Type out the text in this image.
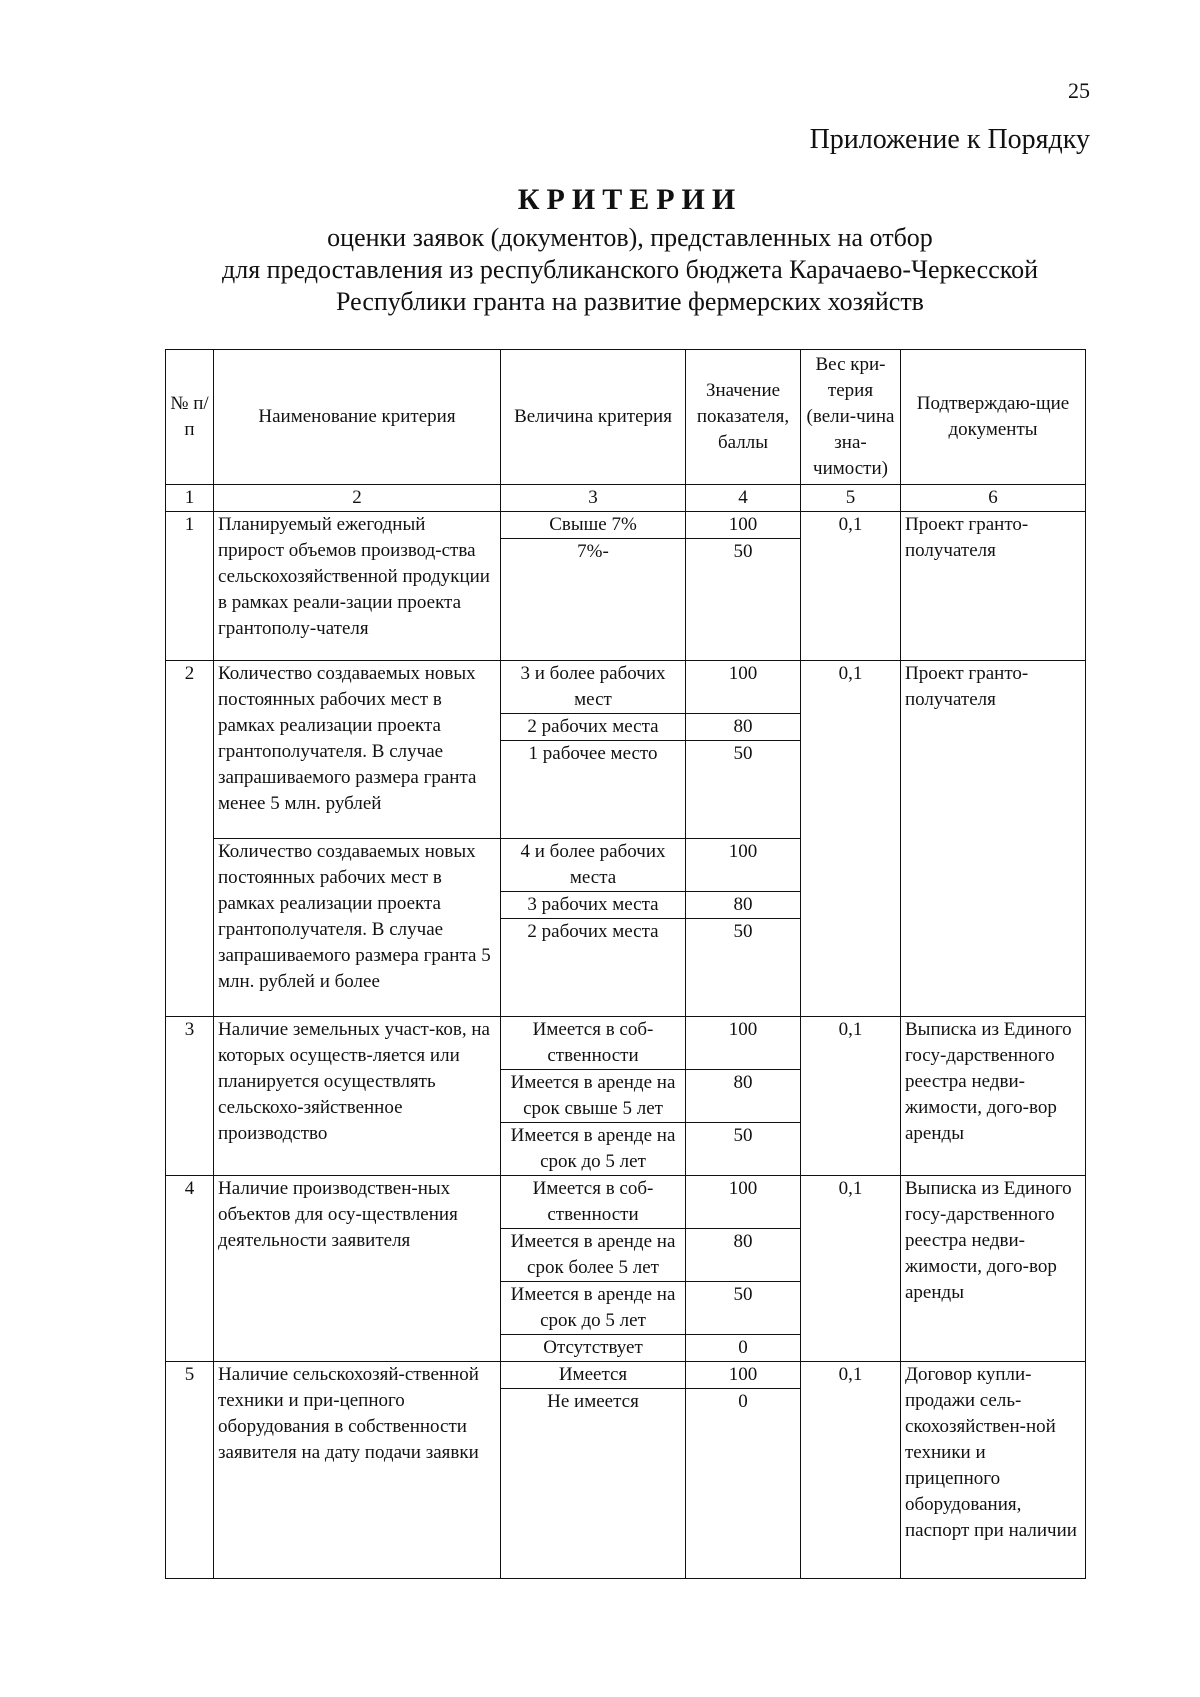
25
Приложение к Порядку
КРИТЕРИИ
оценки заявок (документов), представленных на отбор
для предоставления из республиканского бюджета Карачаево-Черкесской
Республики гранта на развитие фермерских хозяйств
№ п/п	Наименование критерия	Величина критерия	Значение показателя, баллы	Вес кри-терия (вели-чина зна-чимости)	Подтверждаю-щие документы
1	2	3	4	5	6
1	Планируемый ежегодный прирост объемов производ-ства сельскохозяйственной продукции в рамках реали-зации проекта грантополу-чателя	Свыше 7%	100	0,1	Проект гранто-получателя
		7%-	50		
2	Количество создаваемых новых постоянных рабочих мест в рамках реализации проекта грантополучателя. В случае запрашиваемого размера гранта менее 5 млн. рублей	3 и более рабочих мест	100	0,1	Проект гранто-получателя
		2 рабочих места	80		
		1 рабочее место	50		
	Количество создаваемых новых постоянных рабочих мест в рамках реализации проекта грантополучателя. В случае запрашиваемого размера гранта 5 млн. рублей и более	4 и более рабочих места	100		
		3 рабочих места	80		
		2 рабочих места	50		
3	Наличие земельных участ-ков, на которых осуществ-ляется или планируется осуществлять сельскохо-зяйственное производство	Имеется в соб-ственности	100	0,1	Выписка из Единого госу-дарственного реестра недви-жимости, дого-вор аренды
		Имеется в аренде на срок свыше 5 лет	80		
		Имеется в аренде на срок до 5 лет	50		
4	Наличие производствен-ных объектов для осу-ществления деятельности заявителя	Имеется в соб-ственности	100	0,1	Выписка из Единого госу-дарственного реестра недви-жимости, дого-вор аренды
		Имеется в аренде на срок более 5 лет	80		
		Имеется в аренде на срок до 5 лет	50		
		Отсутствует	0		
5	Наличие сельскохозяй-ственной техники и при-цепного оборудования в собственности заявителя на дату подачи заявки	Имеется	100	0,1	Договор купли-продажи сель-скохозяйствен-ной техники и прицепного оборудования, паспорт при наличии
		Не имеется	0		
